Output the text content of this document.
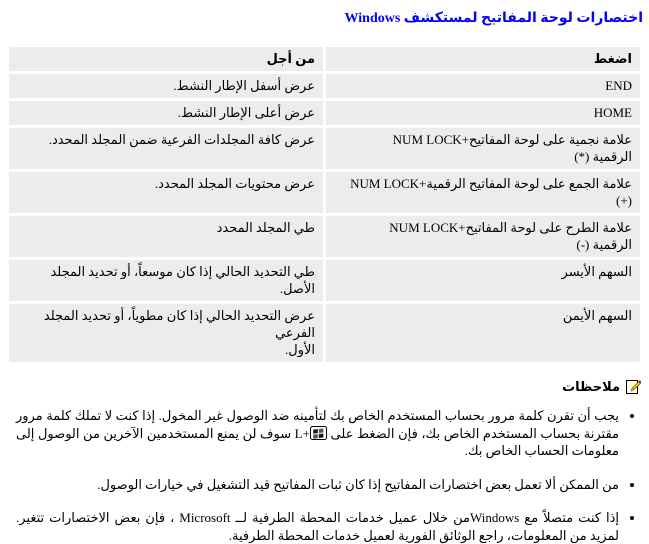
اختصارات لوحة المفاتيح لمستكشف Windows
اضغط

من أجل

END

عرض أسفل الإطار النشط.

HOME

عرض أعلى الإطار النشط.

NUM LOCK+علامة نجمية على لوحة المفاتيح
الرقمية (*)

عرض كافة المجلدات الفرعية ضمن المجلد المحدد.

NUM LOCK+علامة الجمع على لوحة المفاتيح الرقمية
(+)

عرض محتويات المجلد المحدد.

NUM LOCK+علامة الطرح على لوحة المفاتيح
الرقمية (-)

طي المجلد المحدد

السهم الأيسر

طي التحديد الحالي إذا كان موسعاً، أو تحديد المجلد الأصل.

السهم الأيمن

عرض التحديد الحالي إذا كان مطوياً، أو تحديد المجلد الفرعي
الأول.
ملاحظات
• يجب أن تقرن كلمة مرور بحساب المستخدم الخاص بك لتأمينه ضد الوصول غير المخول. إذا كنت لا تملك كلمة مرور مقترنة بحساب المستخدم الخاص بك، فإن الضغط على +L سوف لن يمنع المستخدمين الآخرين من الوصول إلى معلومات الحساب الخاص بك.
• من الممكن ألا تعمل بعض اختصارات المفاتيح إذا كان ثبات المفاتيح قيد التشغيل في خيارات الوصول.
• إذا كنت متصلاً مع Windowsمن خلال عميل خدمات المحطة الطرفية لــ Microsoft ، فإن بعض الاختصارات تتغير. لمزيد من المعلومات، راجع الوثائق الفورية لعميل خدمات المحطة الطرفية.
